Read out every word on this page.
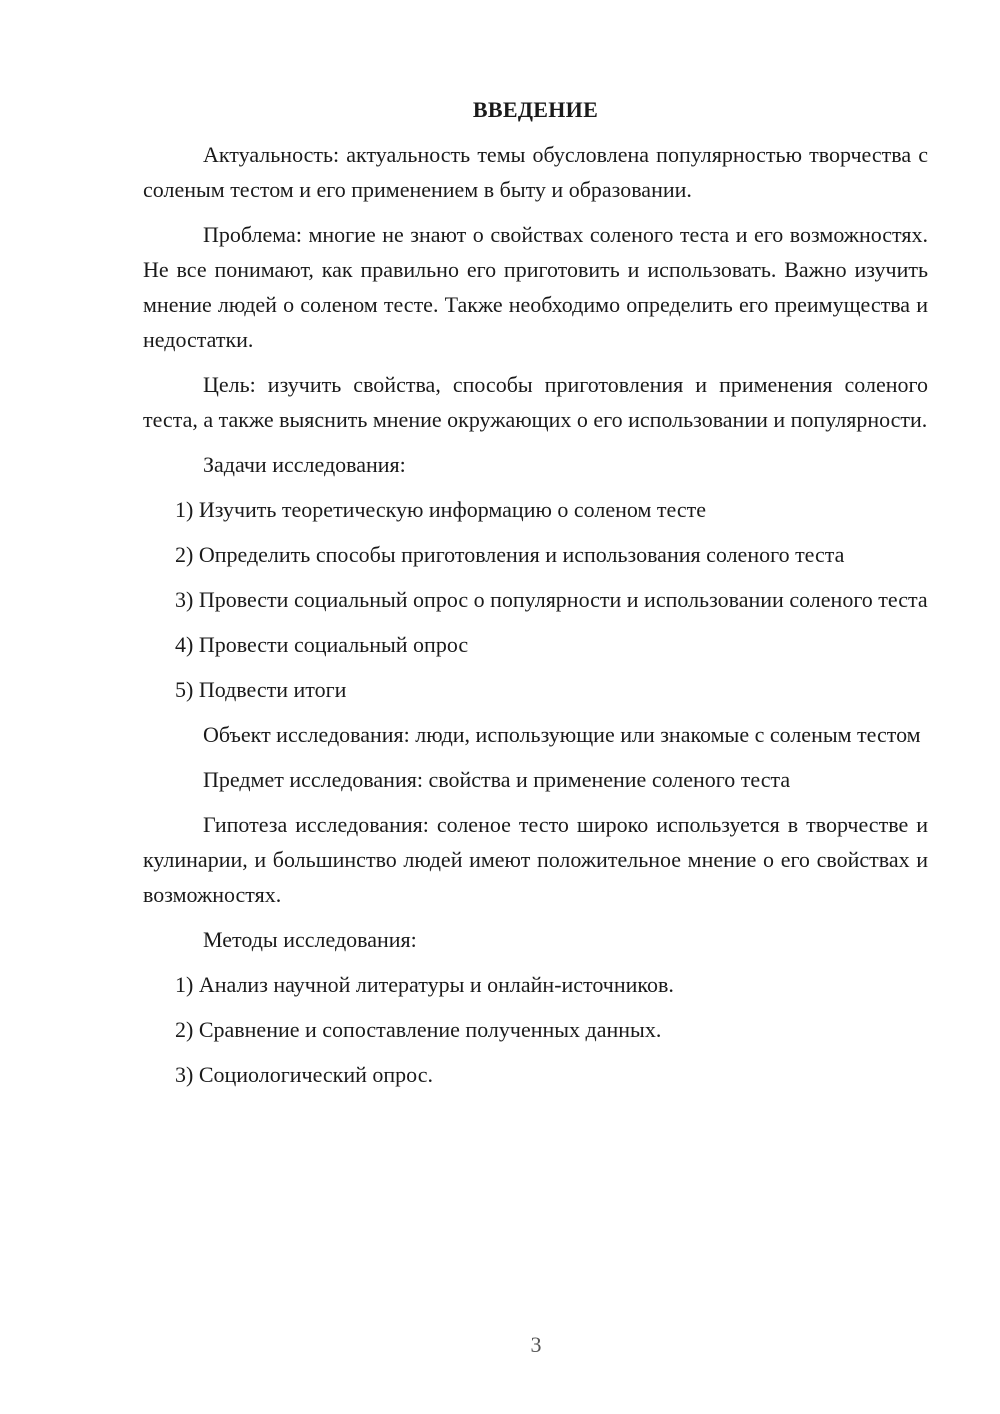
ВВЕДЕНИЕ
Актуальность: актуальность темы обусловлена популярностью творчества с соленым тестом и его применением в быту и образовании.
Проблема: многие не знают о свойствах соленого теста и его возможностях. Не все понимают, как правильно его приготовить и использовать. Важно изучить мнение людей о соленом тесте. Также необходимо определить его преимущества и недостатки.
Цель: изучить свойства, способы приготовления и применения соленого теста, а также выяснить мнение окружающих о его использовании и популярности.
Задачи исследования:
1) Изучить теоретическую информацию о соленом тесте
2) Определить способы приготовления и использования соленого теста
3) Провести социальный опрос о популярности и использовании соленого теста
4) Провести социальный опрос
5) Подвести итоги
Объект исследования: люди, использующие или знакомые с соленым тестом
Предмет исследования: свойства и применение соленого теста
Гипотеза исследования: соленое тесто широко используется в творчестве и кулинарии, и большинство людей имеют положительное мнение о его свойствах и возможностях.
Методы исследования:
1) Анализ научной литературы и онлайн-источников.
2) Сравнение и сопоставление полученных данных.
3) Социологический опрос.
3
